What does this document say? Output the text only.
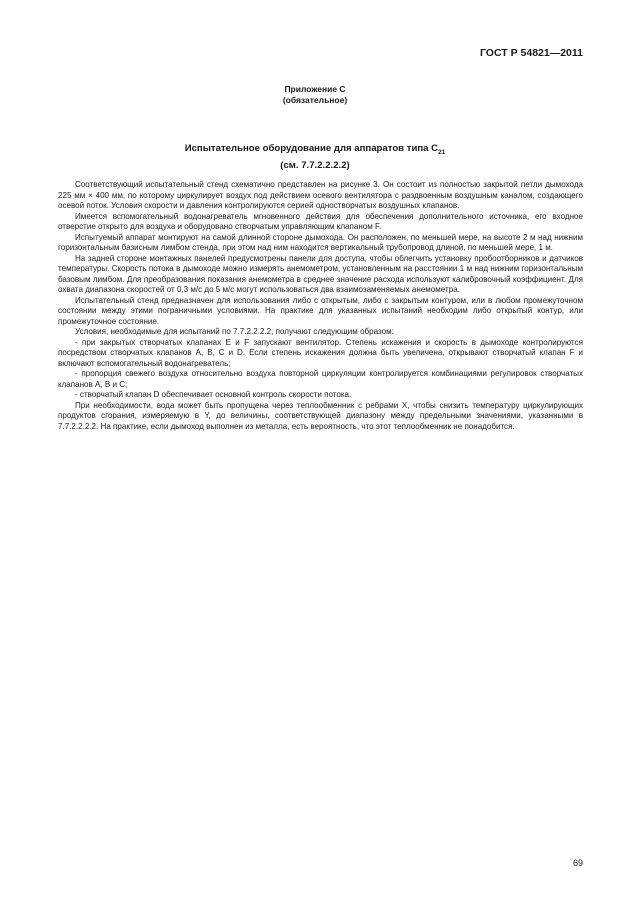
ГОСТ Р 54821—2011
Приложение С
(обязательное)
Испытательное оборудование для аппаратов типа $С_{21}$
(см. 7.7.2.2.2.2)

Соответствующий испытательный стенд схематично представлен на рисунке 3. Он состоит из полностью закрытой петли дымохода 225 мм × 400 мм, по которому циркулирует воздух под действием осевого вентилятора с раздвоенным воздушным каналом, создающего осевой поток. Условия скорости и давления контролируются серией одностворчатых воздушных клапанов.

Имеется вспомогательный водонагреватель мгновенного действия для обеспечения дополнительного источника, его входное отверстие открыто для воздуха и оборудовано створчатым управляющим клапаном F.

Испытуемый аппарат монтируют на самой длинной стороне дымохода. Он расположен, по меньшей мере, на высоте 2 м над нижним горизонтальным базисным лимбом стенда, при этом над ним находится вертикальный трубопровод длиной, по меньшей мере, 1 м.

На задней стороне монтажных панелей предусмотрены панели для доступа, чтобы облегчить установку пробоотборников и датчиков температуры. Скорость потока в дымоходе можно измерять анемометром, установленным на расстоянии 1 м над нижним горизонтальным базовым лимбом. Для преобразования показания анемометра в среднее значение расхода используют калибровочный коэффициент. Для охвата диапазона скоростей от 0,3 м/с до 5 м/с могут использоваться два взаимозаменяемых анемометра.

Испытательный стенд предназначен для использования либо с открытым, либо с закрытым контуром, или в любом промежуточном состоянии между этими пограничными условиями. На практике для указанных испытаний необходим либо открытый контур, или промежуточное состояние.

Условия, необходимые для испытаний по 7.7.2.2.2.2, получают следующим образом:

- при закрытых створчатых клапанах E и F запускают вентилятор. Степень искажения и скорость в дымоходе контролируются посредством створчатых клапанов A, B, C и D. Если степень искажения должна быть увеличена, открывают створчатый клапан F и включают вспомогательный водонагреватель;

- пропорция свежего воздуха относительно воздуха повторной циркуляции контролируется комбинациями регулировок створчатых клапанов A, B и C;

- створчатый клапан D обеспечивает основной контроль скорости потока.

При необходимости, вода может быть пропущена через теплообменник с ребрами X, чтобы снизить температуру циркулирующих продуктов сгорания, измеряемую в Y, до величины, соответствующей диапазону между предельными значениями, указанными в 7.7.2.2.2.2. На практике, если дымоход выполнен из металла, есть вероятность, что этот теплообменник не понадобится.

69
